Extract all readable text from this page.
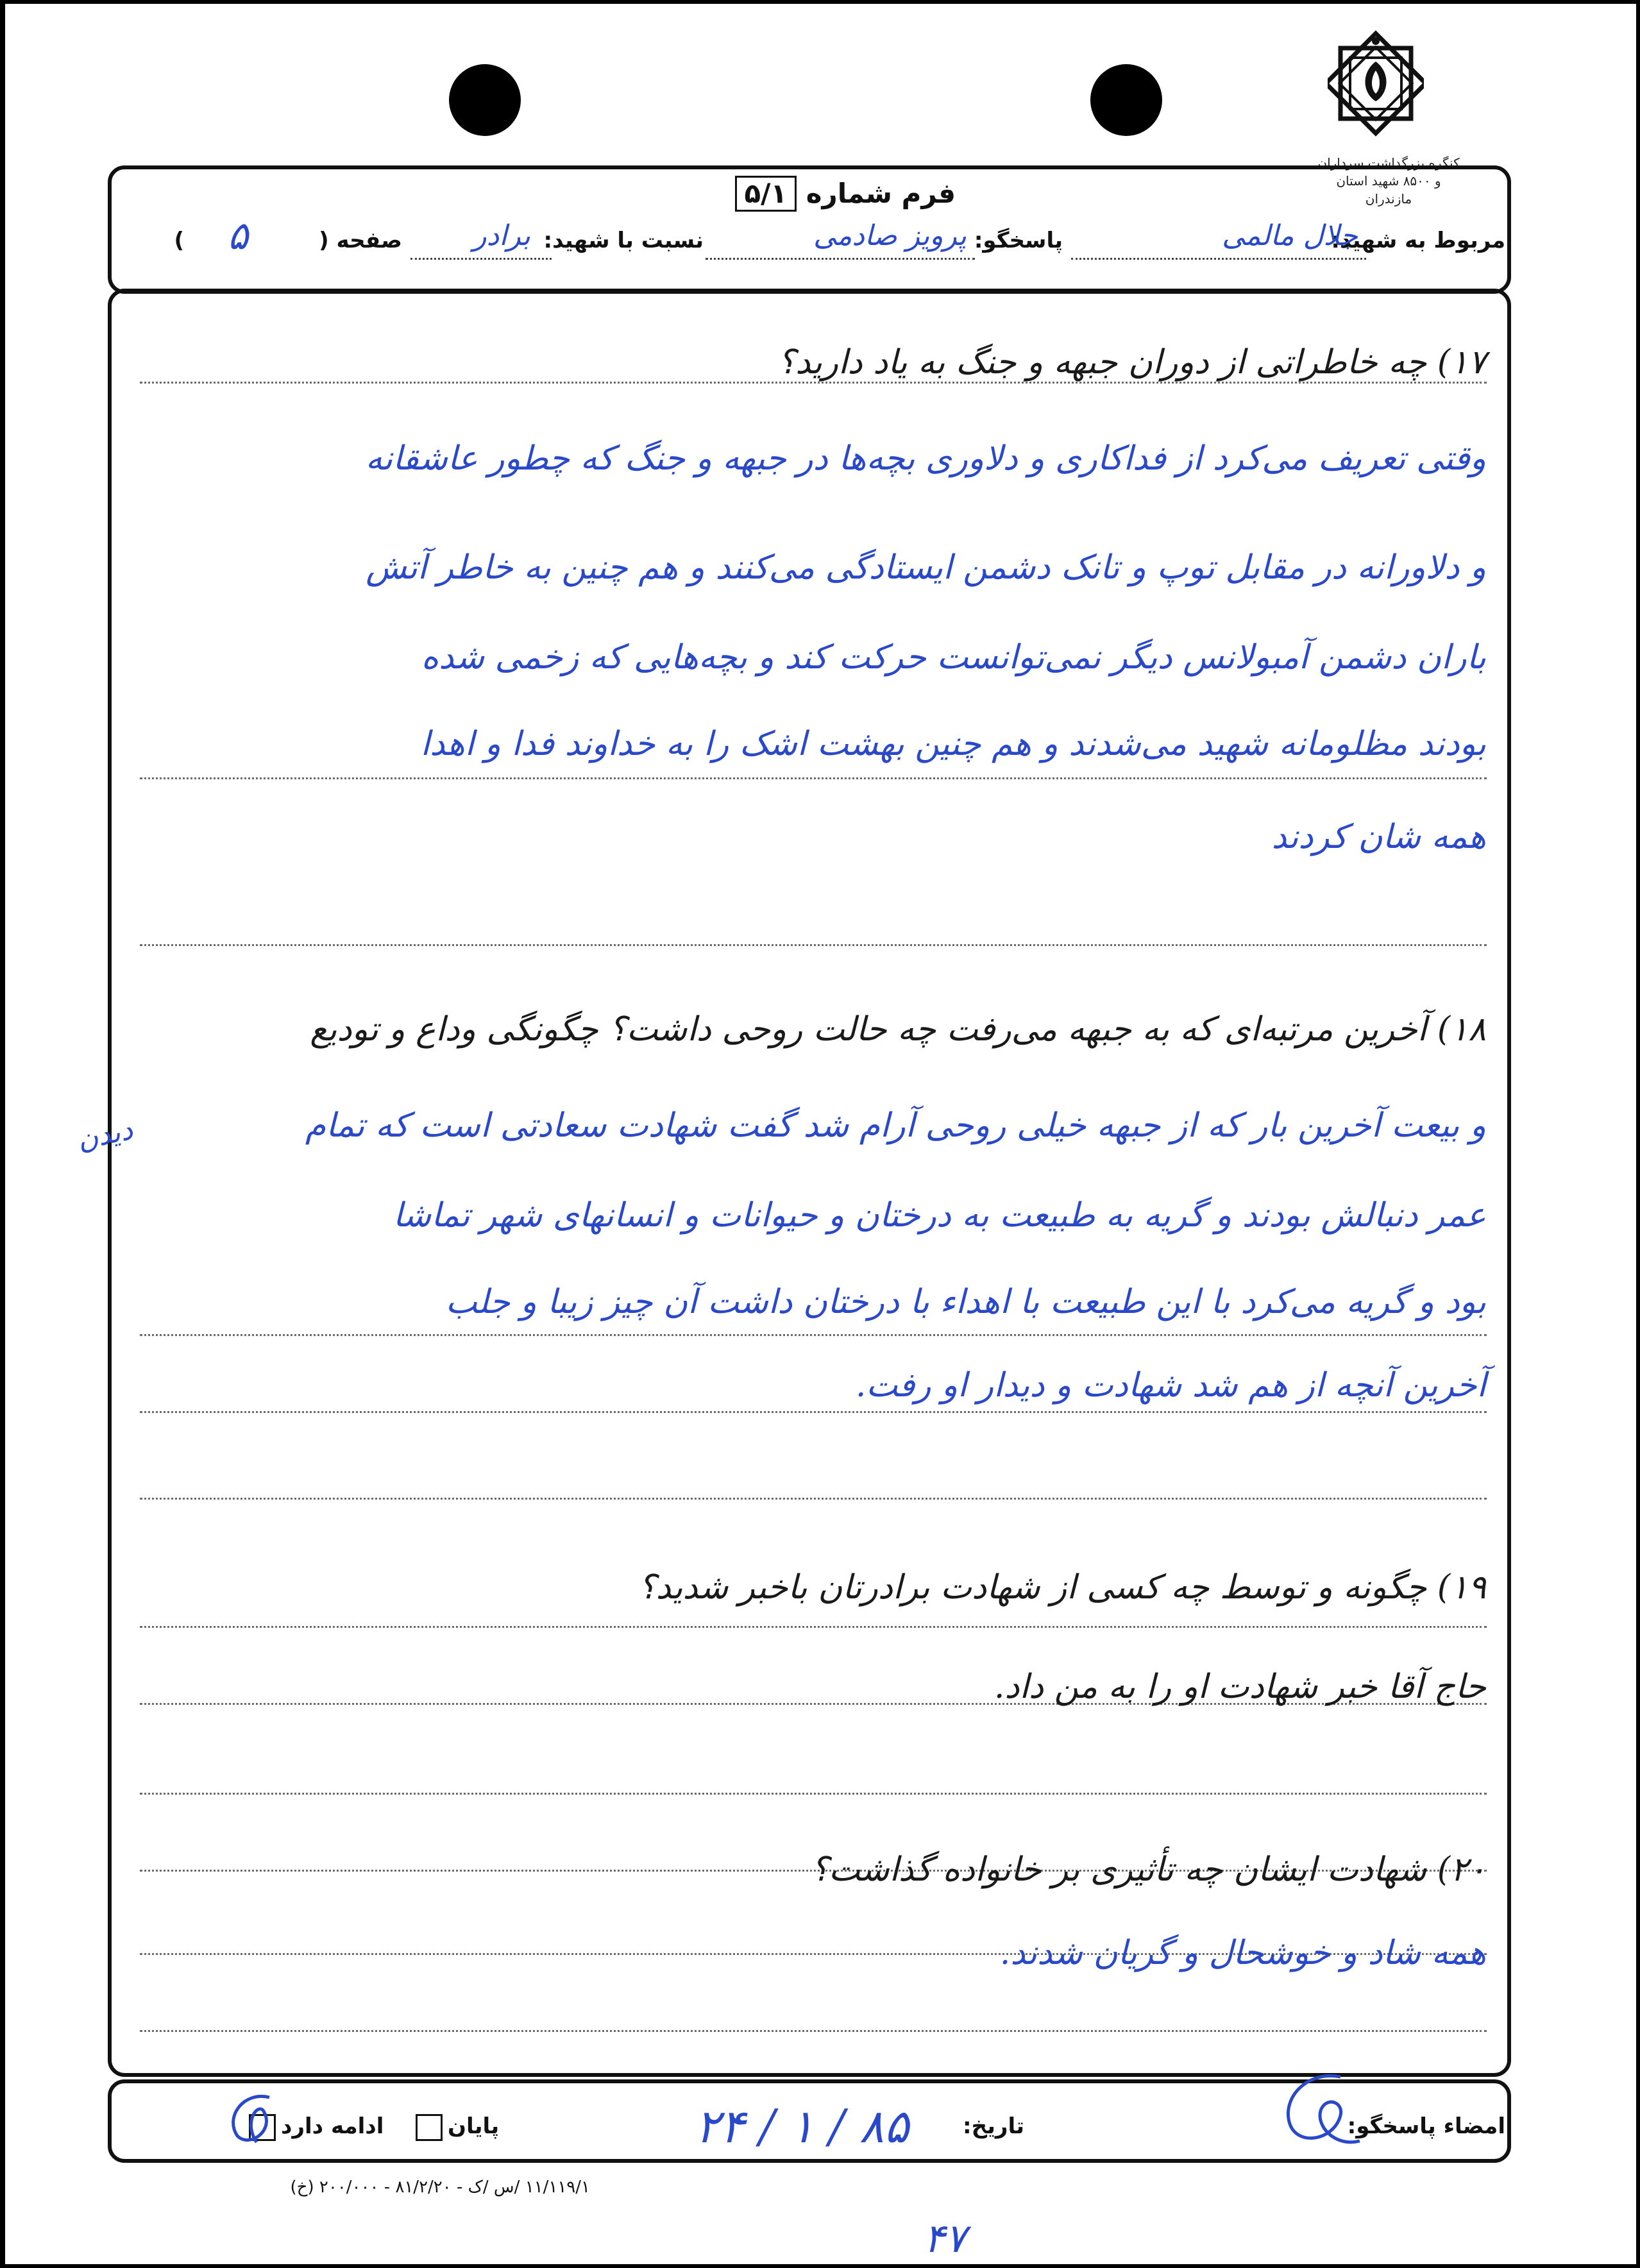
کنگره بزرگداشت سرداران و ۸۵۰۰ شهید استان مازندران
فرم شماره ۵/۱
مربوط به شهید:
جلال مالمی
پاسخگو:
پرویز صادمی
نسبت با شهید:
برادر
صفحه (
۵
)
۱۷) چه خاطراتی از دوران جبهه و جنگ به یاد دارید؟
وقتی تعریف می‌کرد از فداکاری و دلاوری بچه‌ها در جبهه و جنگ که چطور عاشقانه
و دلاورانه در مقابل توپ و تانک دشمن ایستادگی می‌کنند و هم چنین به خاطر آتش
باران دشمن آمبولانس دیگر نمی‌توانست حرکت کند و بچه‌هایی که زخمی شده
بودند مظلومانه شهید می‌شدند و هم چنین بهشت اشک را به خداوند فدا و اهدا
همه شان کردند
۱۸) آخرین مرتبه‌ای که به جبهه می‌رفت چه حالت روحی داشت؟ چگونگی وداع و تودیع
و بیعت آخرین بار که از جبهه خیلی روحی آرام شد گفت شهادت سعادتی است که تمام
عمر دنبالش بودند و گریه به طبیعت به درختان و حیوانات و انسانهای شهر تماشا
بود و گریه می‌کرد با این طبیعت با اهداء با درختان داشت آن چیز زیبا و جلب
آخرین آنچه از هم شد شهادت و دیدار او رفت.
دیدن
۱۹) چگونه و توسط چه کسی از شهادت برادرتان باخبر شدید؟
حاج آقا خبر شهادت او را به من داد.
۲۰) شهادت ایشان چه تأثیری بر خانواده گذاشت؟
همه شاد و خوشحال و گریان شدند.
امضاء پاسخگو:
تاریخ:
۸۵ / ۱ / ۲۴
پایان
ادامه دارد
۱۱/۱۱۹/۱ /س /ک - ۸۱/۲/۲۰ - ۲۰۰/۰۰۰ (خ)
۴۷
